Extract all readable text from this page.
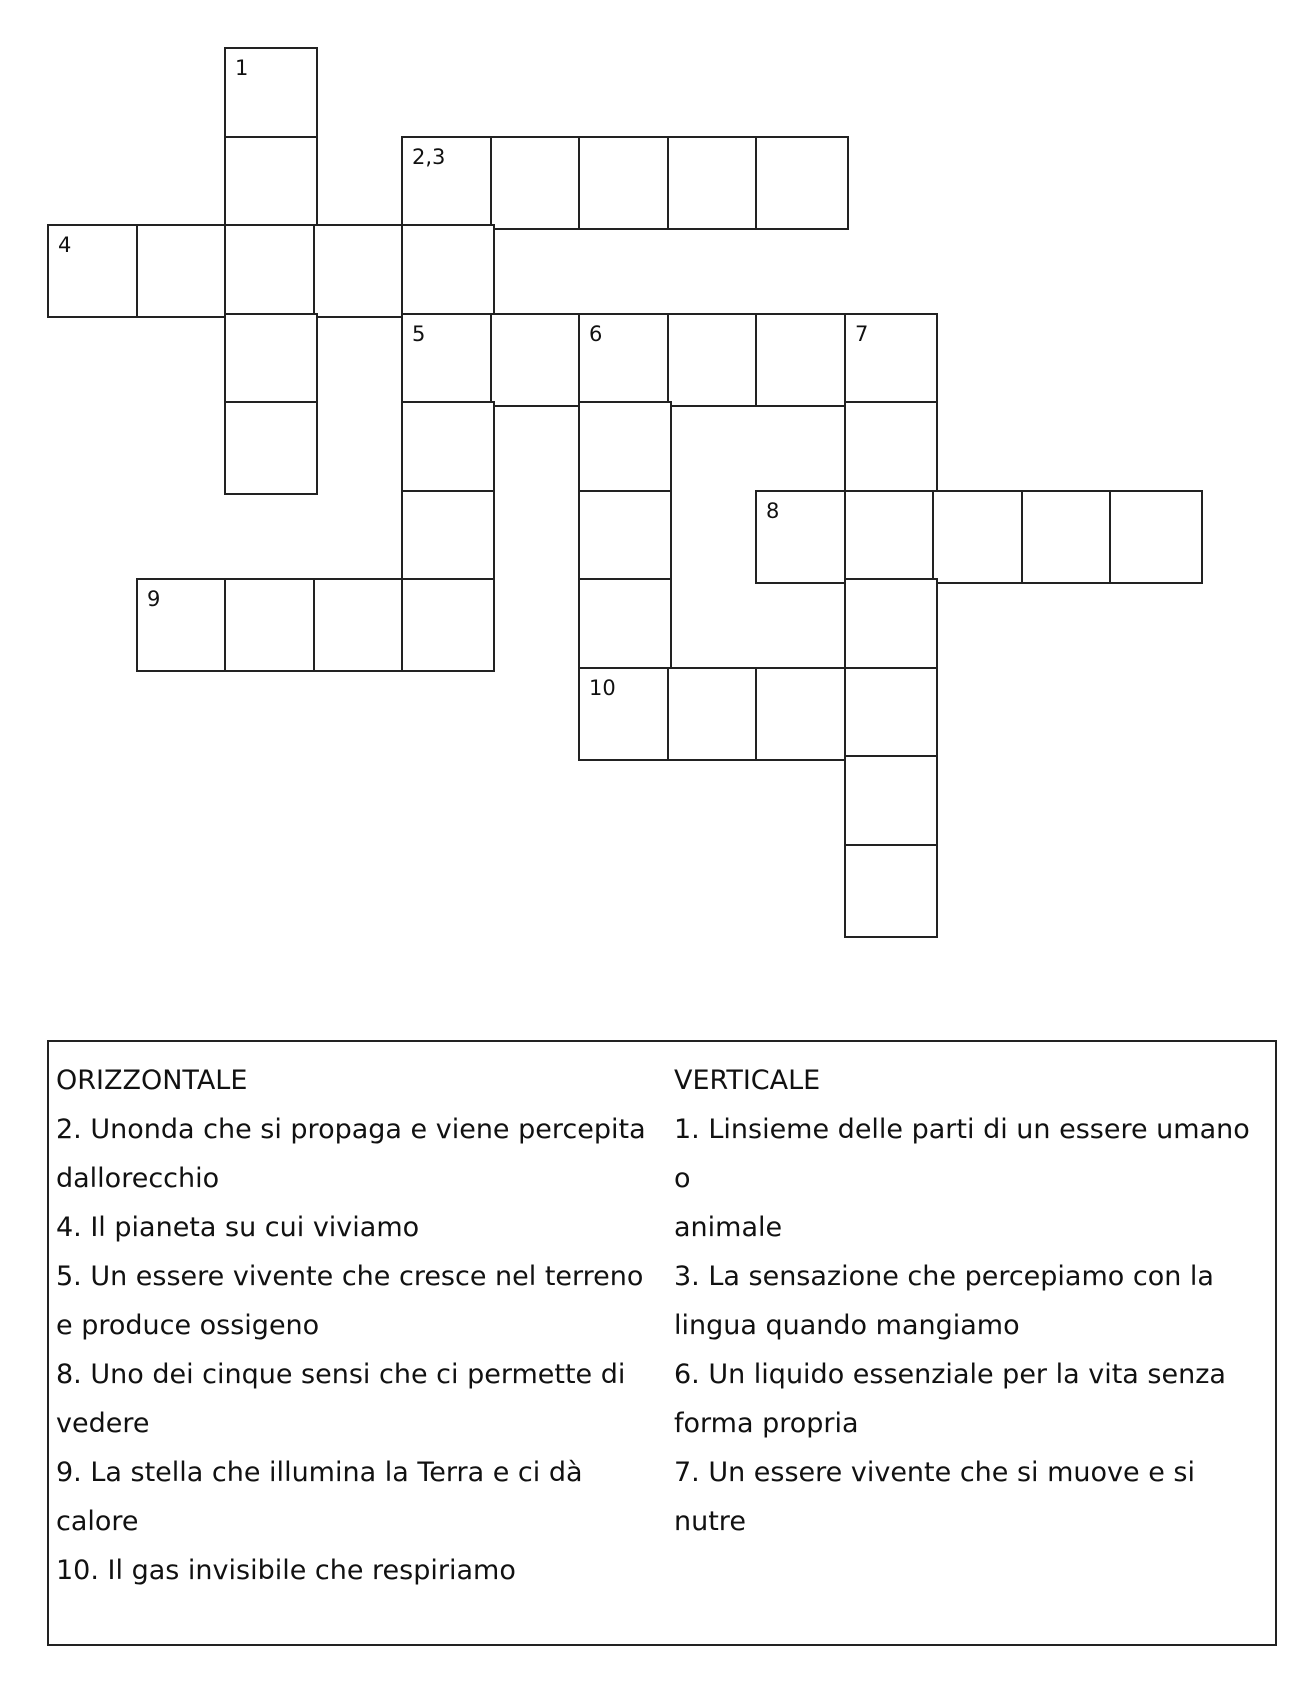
1
2,3
4
5	6	7
8
9
10

ORIZZONTALE

2. Unonda che si propaga e viene percepita

dallorecchio

4. Il pianeta su cui viviamo

5. Un essere vivente che cresce nel terreno

e produce ossigeno

8. Uno dei cinque sensi che ci permette di

vedere

9. La stella che illumina la Terra e ci dà

calore

10. Il gas invisibile che respiriamo

VERTICALE

1. Linsieme delle parti di un essere umano o

animale

3. La sensazione che percepiamo con la

lingua quando mangiamo

6. Un liquido essenziale per la vita senza

forma propria

7. Un essere vivente che si muove e si nutre
